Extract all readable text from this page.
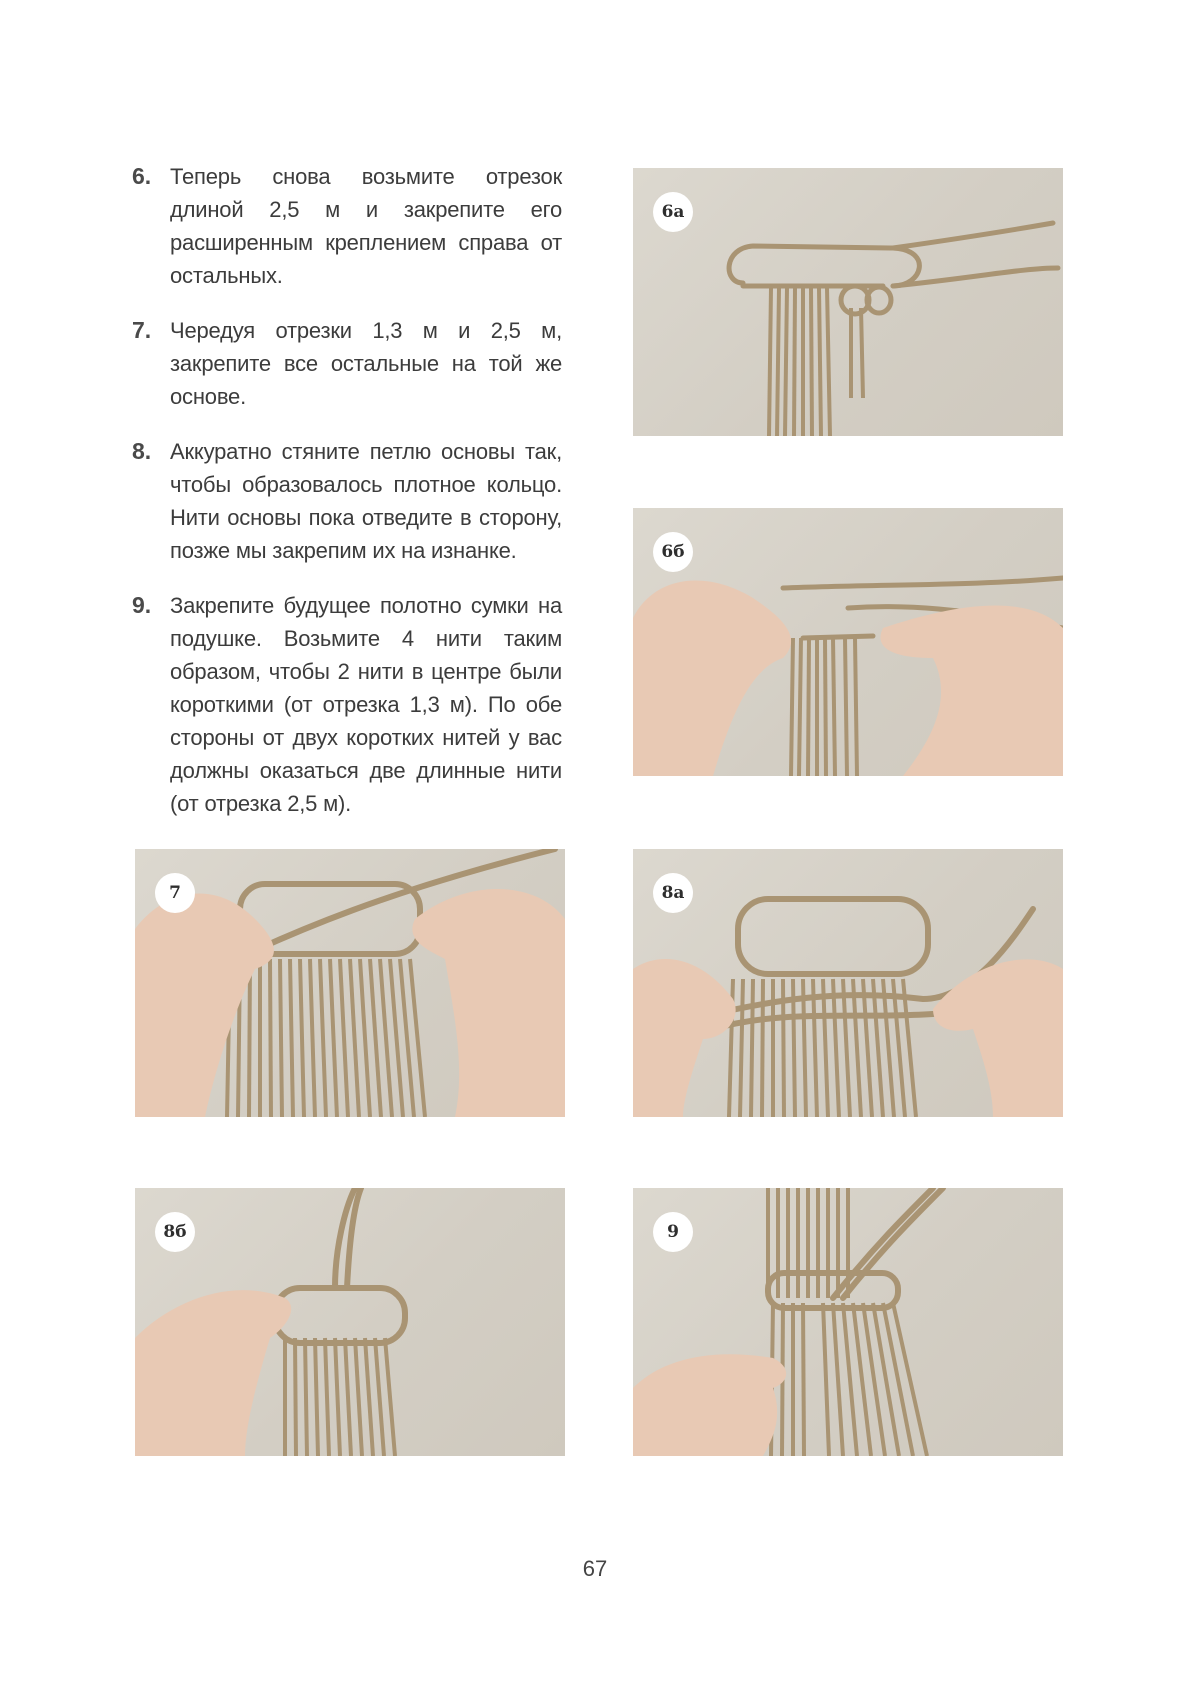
6. Теперь снова возьмите отрезок длиной 2,5 м и закрепите его расширенным креплением справа от остальных.
7. Чередуя отрезки 1,3 м и 2,5 м, закрепите все остальные на той же основе.
8. Аккуратно стяните петлю основы так, чтобы образовалось плотное кольцо. Нити основы пока отведите в сторону, позже мы закрепим их на изнанке.
9. Закрепите будущее полотно сумки на подушке. Возьмите 4 нити таким образом, чтобы 2 нити в центре были короткими (от отрезка 1,3 м). По обе стороны от двух коротких нитей у вас должны оказаться две длинные нити (от отрезка 2,5 м).
6а
6б
7	8а
8б	9
67
